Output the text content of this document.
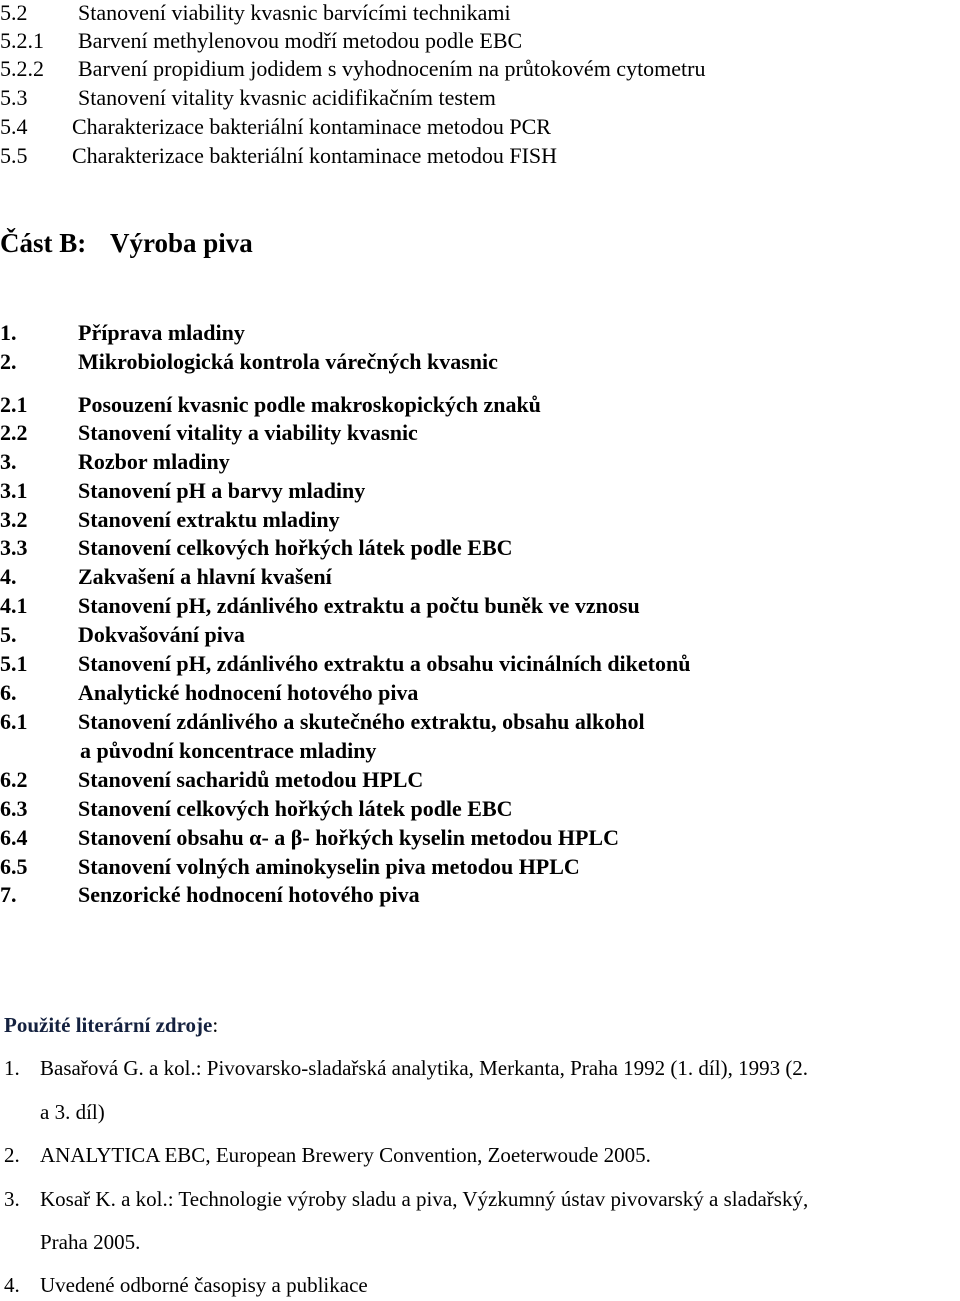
5.2 Stanovení viability kvasnic barvícími technikami
5.2.1 Barvení methylenovou modří metodou podle EBC
5.2.2 Barvení propidium jodidem s vyhodnocením na průtokovém cytometru
5.3 Stanovení vitality kvasnic acidifikačním testem
5.4 Charakterizace bakteriální kontaminace metodou PCR
5.5 Charakterizace bakteriální kontaminace metodou FISH
Část B: Výroba piva
1.	Příprava mladiny
2.	Mikrobiologická kontrola várečných kvasnic
2.1 Posouzení kvasnic podle makroskopických znaků
2.2 Stanovení vitality a viability kvasnic
3.	Rozbor mladiny
3.1 Stanovení pH a barvy mladiny
3.2 Stanovení extraktu mladiny
3.3 Stanovení celkových hořkých látek podle EBC
4.	Zakvašení a hlavní kvašení
4.1 Stanovení pH, zdánlivého extraktu a počtu buněk ve vznosu
5.	Dokvašování piva
5.1 Stanovení pH, zdánlivého extraktu a obsahu vicinálních diketonů
6.	Analytické hodnocení hotového piva
6.1 Stanovení zdánlivého a skutečného extraktu, obsahu alkohol
a původní koncentrace mladiny
6.2 Stanovení sacharidů metodou HPLC
6.3 Stanovení celkových hořkých látek podle EBC
6.4 Stanovení obsahu α- a β- hořkých kyselin metodou HPLC
6.5 Stanovení volných aminokyselin piva metodou HPLC
7.	Senzorické hodnocení hotového piva
Použité literární zdroje:
1. Basařová G. a kol.: Pivovarsko-sladařská analytika, Merkanta, Praha 1992 (1. díl), 1993 (2.
a 3. díl)
2. ANALYTICA EBC, European Brewery Convention, Zoeterwoude 2005.
3. Kosař K. a kol.: Technologie výroby sladu a piva, Výzkumný ústav pivovarský a sladařský,
Praha 2005.
4. Uvedené odborné časopisy a publikace
